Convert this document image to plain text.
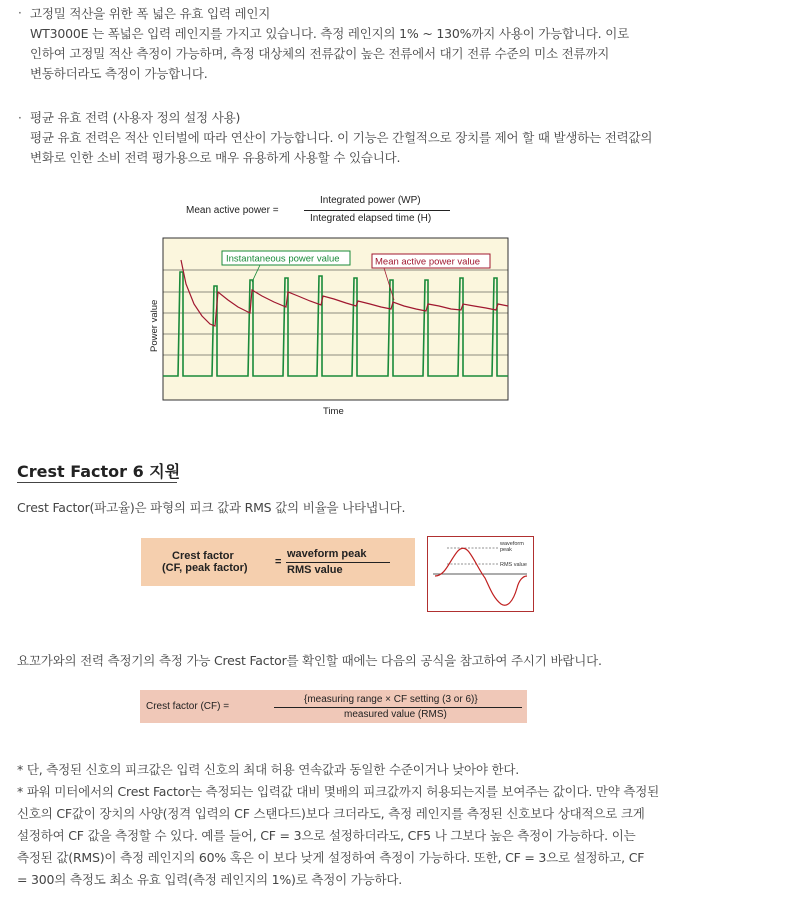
· 고정밀 적산을 위한 폭 넓은 유효 입력 레인지
WT3000E 는 폭넓은 입력 레인지를 가지고 있습니다. 측정 레인지의 1% ~ 130%까지 사용이 가능합니다. 이로
인하여 고정밀 적산 측정이 가능하며, 측정 대상체의 전류값이 높은 전류에서 대기 전류 수준의 미소 전류까지
변동하더라도 측정이 가능합니다.
· 평균 유효 전력 (사용자 정의 설정 사용)
평균 유효 전력은 적산 인터벌에 따라 연산이 가능합니다. 이 기능은 간헐적으로 장치를 제어 할 때 발생하는 전력값의
변화로 인한 소비 전력 평가용으로 매우 유용하게 사용할 수 있습니다.
Mean active power =
Integrated power (WP)
Integrated elapsed time (H)
Instantaneous power value	Mean active power value
Power value
Time
Crest Factor 6 지원
Crest Factor(파고율)은 파형의 피크 값과 RMS 값의 비율을 나타냅니다.
Crest factor
(CF, peak factor) =
waveform peak
RMS value
waveform
peak
RMS value
요꼬가와의 전력 측정기의 측정 가능 Crest Factor를 확인할 때에는 다음의 공식을 참고하여 주시기 바랍니다.
Crest factor (CF) =
{measuring range × CF setting (3 or 6)}
measured value (RMS)
* 단, 측정된 신호의 피크값은 입력 신호의 최대 허용 연속값과 동일한 수준이거나 낮아야 한다.
* 파워 미터에서의 Crest Factor는 측정되는 입력값 대비 몇배의 피크값까지 허용되는지를 보여주는 값이다. 만약 측정된
신호의 CF값이 장치의 사양(정격 입력의 CF 스탠다드)보다 크더라도, 측정 레인지를 측정된 신호보다 상대적으로 크게
설정하여 CF 값을 측정할 수 있다. 예를 들어, CF = 3으로 설정하더라도, CF5 나 그보다 높은 측정이 가능하다. 이는
측정된 값(RMS)이 측정 레인지의 60% 혹은 이 보다 낮게 설정하여 측정이 가능하다. 또한, CF = 3으로 설정하고, CF
= 300의 측정도 최소 유효 입력(측정 레인지의 1%)로 측정이 가능하다.
